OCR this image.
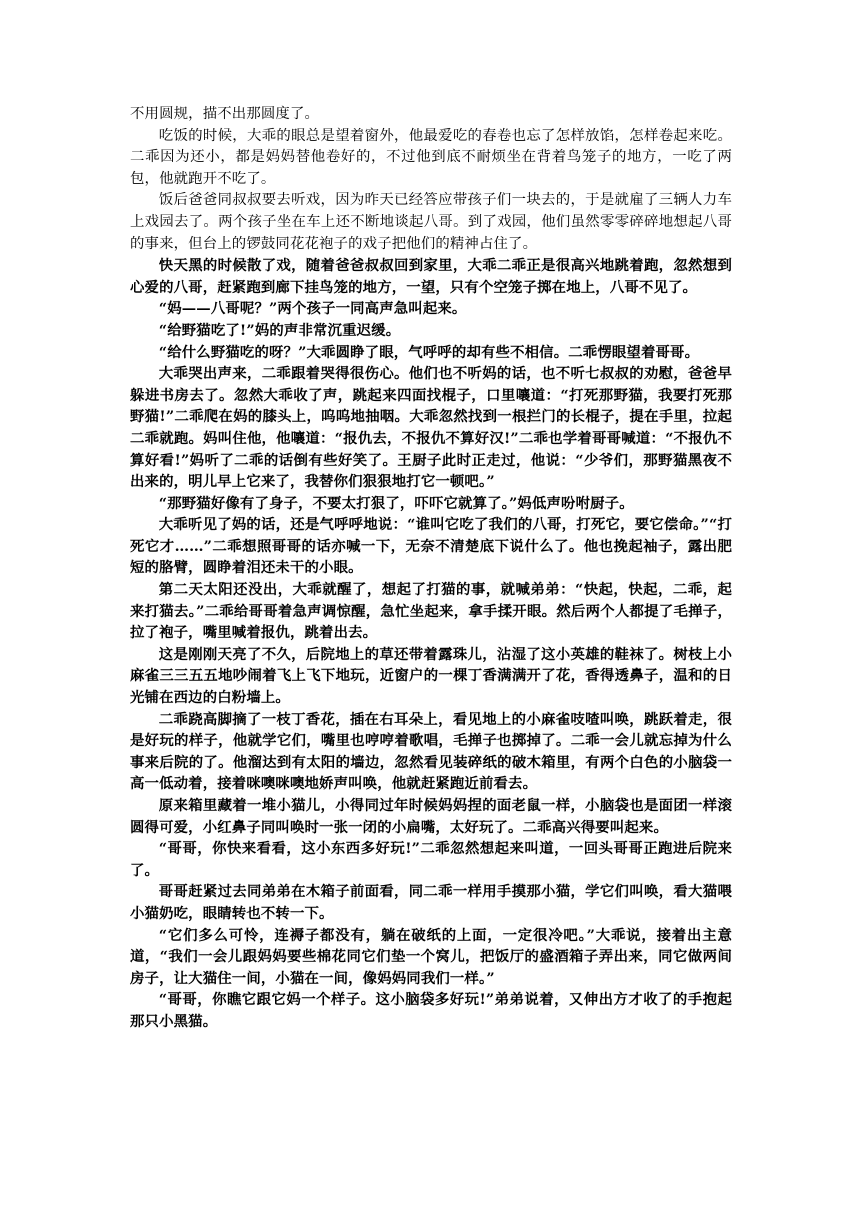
不用圆规，描不出那圆度了。

吃饭的时候，大乖的眼总是望着窗外，他最爱吃的春卷也忘了怎样放馅，怎样卷起来吃。二乖因为还小，都是妈妈替他卷好的，不过他到底不耐烦坐在背着鸟笼子的地方，一吃了两包，他就跑开不吃了。

饭后爸爸同叔叔要去听戏，因为昨天已经答应带孩子们一块去的，于是就雇了三辆人力车上戏园去了。两个孩子坐在车上还不断地谈起八哥。到了戏园，他们虽然零零碎碎地想起八哥的事来，但台上的锣鼓同花花袍子的戏子把他们的精神占住了。

快天黑的时候散了戏，随着爸爸叔叔回到家里，大乖二乖正是很高兴地跳着跑，忽然想到心爱的八哥，赶紧跑到廊下挂鸟笼的地方，一望，只有个空笼子掷在地上，八哥不见了。

“妈——八哥呢？”两个孩子一同高声急叫起来。

“给野猫吃了!”妈的声非常沉重迟缓。

“给什么野猫吃的呀？”大乖圆睁了眼，气呼呼的却有些不相信。二乖愣眼望着哥哥。

大乖哭出声来，二乖跟着哭得很伤心。他们也不听妈的话，也不听七叔叔的劝慰，爸爸早躲进书房去了。忽然大乖收了声，跳起来四面找棍子，口里嚷道：“打死那野猫，我要打死那野猫!”二乖爬在妈的膝头上，呜呜地抽咽。大乖忽然找到一根拦门的长棍子，提在手里，拉起二乖就跑。妈叫住他，他嚷道：“报仇去，不报仇不算好汉!”二乖也学着哥哥喊道：“不报仇不算好看!”妈听了二乖的话倒有些好笑了。王厨子此时正走过，他说：“少爷们，那野猫黑夜不出来的，明儿早上它来了，我替你们狠狠地打它一顿吧。”

“那野猫好像有了身子，不要太打狠了，吓吓它就算了。”妈低声吩咐厨子。

大乖听见了妈的话，还是气呼呼地说：“谁叫它吃了我们的八哥，打死它，要它偿命。”“打死它才……”二乖想照哥哥的话亦喊一下，无奈不清楚底下说什么了。他也挽起袖子，露出肥短的胳臂，圆睁着泪还未干的小眼。

第二天太阳还没出，大乖就醒了，想起了打猫的事，就喊弟弟：“快起，快起，二乖，起来打猫去。”二乖给哥哥着急声调惊醒，急忙坐起来，拿手揉开眼。然后两个人都提了毛掸子，拉了袍子，嘴里喊着报仇，跳着出去。

这是刚刚天亮了不久，后院地上的草还带着露珠儿，沾湿了这小英雄的鞋袜了。树枝上小麻雀三三五五地吵闹着飞上飞下地玩，近窗户的一棵丁香满满开了花，香得透鼻子，温和的日光铺在西边的白粉墙上。

二乖跷高脚摘了一枝丁香花，插在右耳朵上，看见地上的小麻雀吱喳叫唤，跳跃着走，很是好玩的样子，他就学它们，嘴里也哼哼着歌唱，毛掸子也掷掉了。二乖一会儿就忘掉为什么事来后院的了。他溜达到有太阳的墙边，忽然看见装碎纸的破木箱里，有两个白色的小脑袋一高一低动着，接着咪噢咪噢地娇声叫唤，他就赶紧跑近前看去。

原来箱里藏着一堆小猫儿，小得同过年时候妈妈捏的面老鼠一样，小脑袋也是面团一样滚圆得可爱，小红鼻子同叫唤时一张一闭的小扁嘴，太好玩了。二乖高兴得要叫起来。

“哥哥，你快来看看，这小东西多好玩!”二乖忽然想起来叫道，一回头哥哥正跑进后院来了。

哥哥赶紧过去同弟弟在木箱子前面看，同二乖一样用手摸那小猫，学它们叫唤，看大猫喂小猫奶吃，眼睛转也不转一下。

“它们多么可怜，连褥子都没有，躺在破纸的上面，一定很冷吧。”大乖说，接着出主意道，“我们一会儿跟妈妈要些棉花同它们垫一个窝儿，把饭厅的盛酒箱子弄出来，同它做两间房子，让大猫住一间，小猫在一间，像妈妈同我们一样。”

“哥哥，你瞧它跟它妈一个样子。这小脑袋多好玩!”弟弟说着，又伸出方才收了的手抱起那只小黑猫。
